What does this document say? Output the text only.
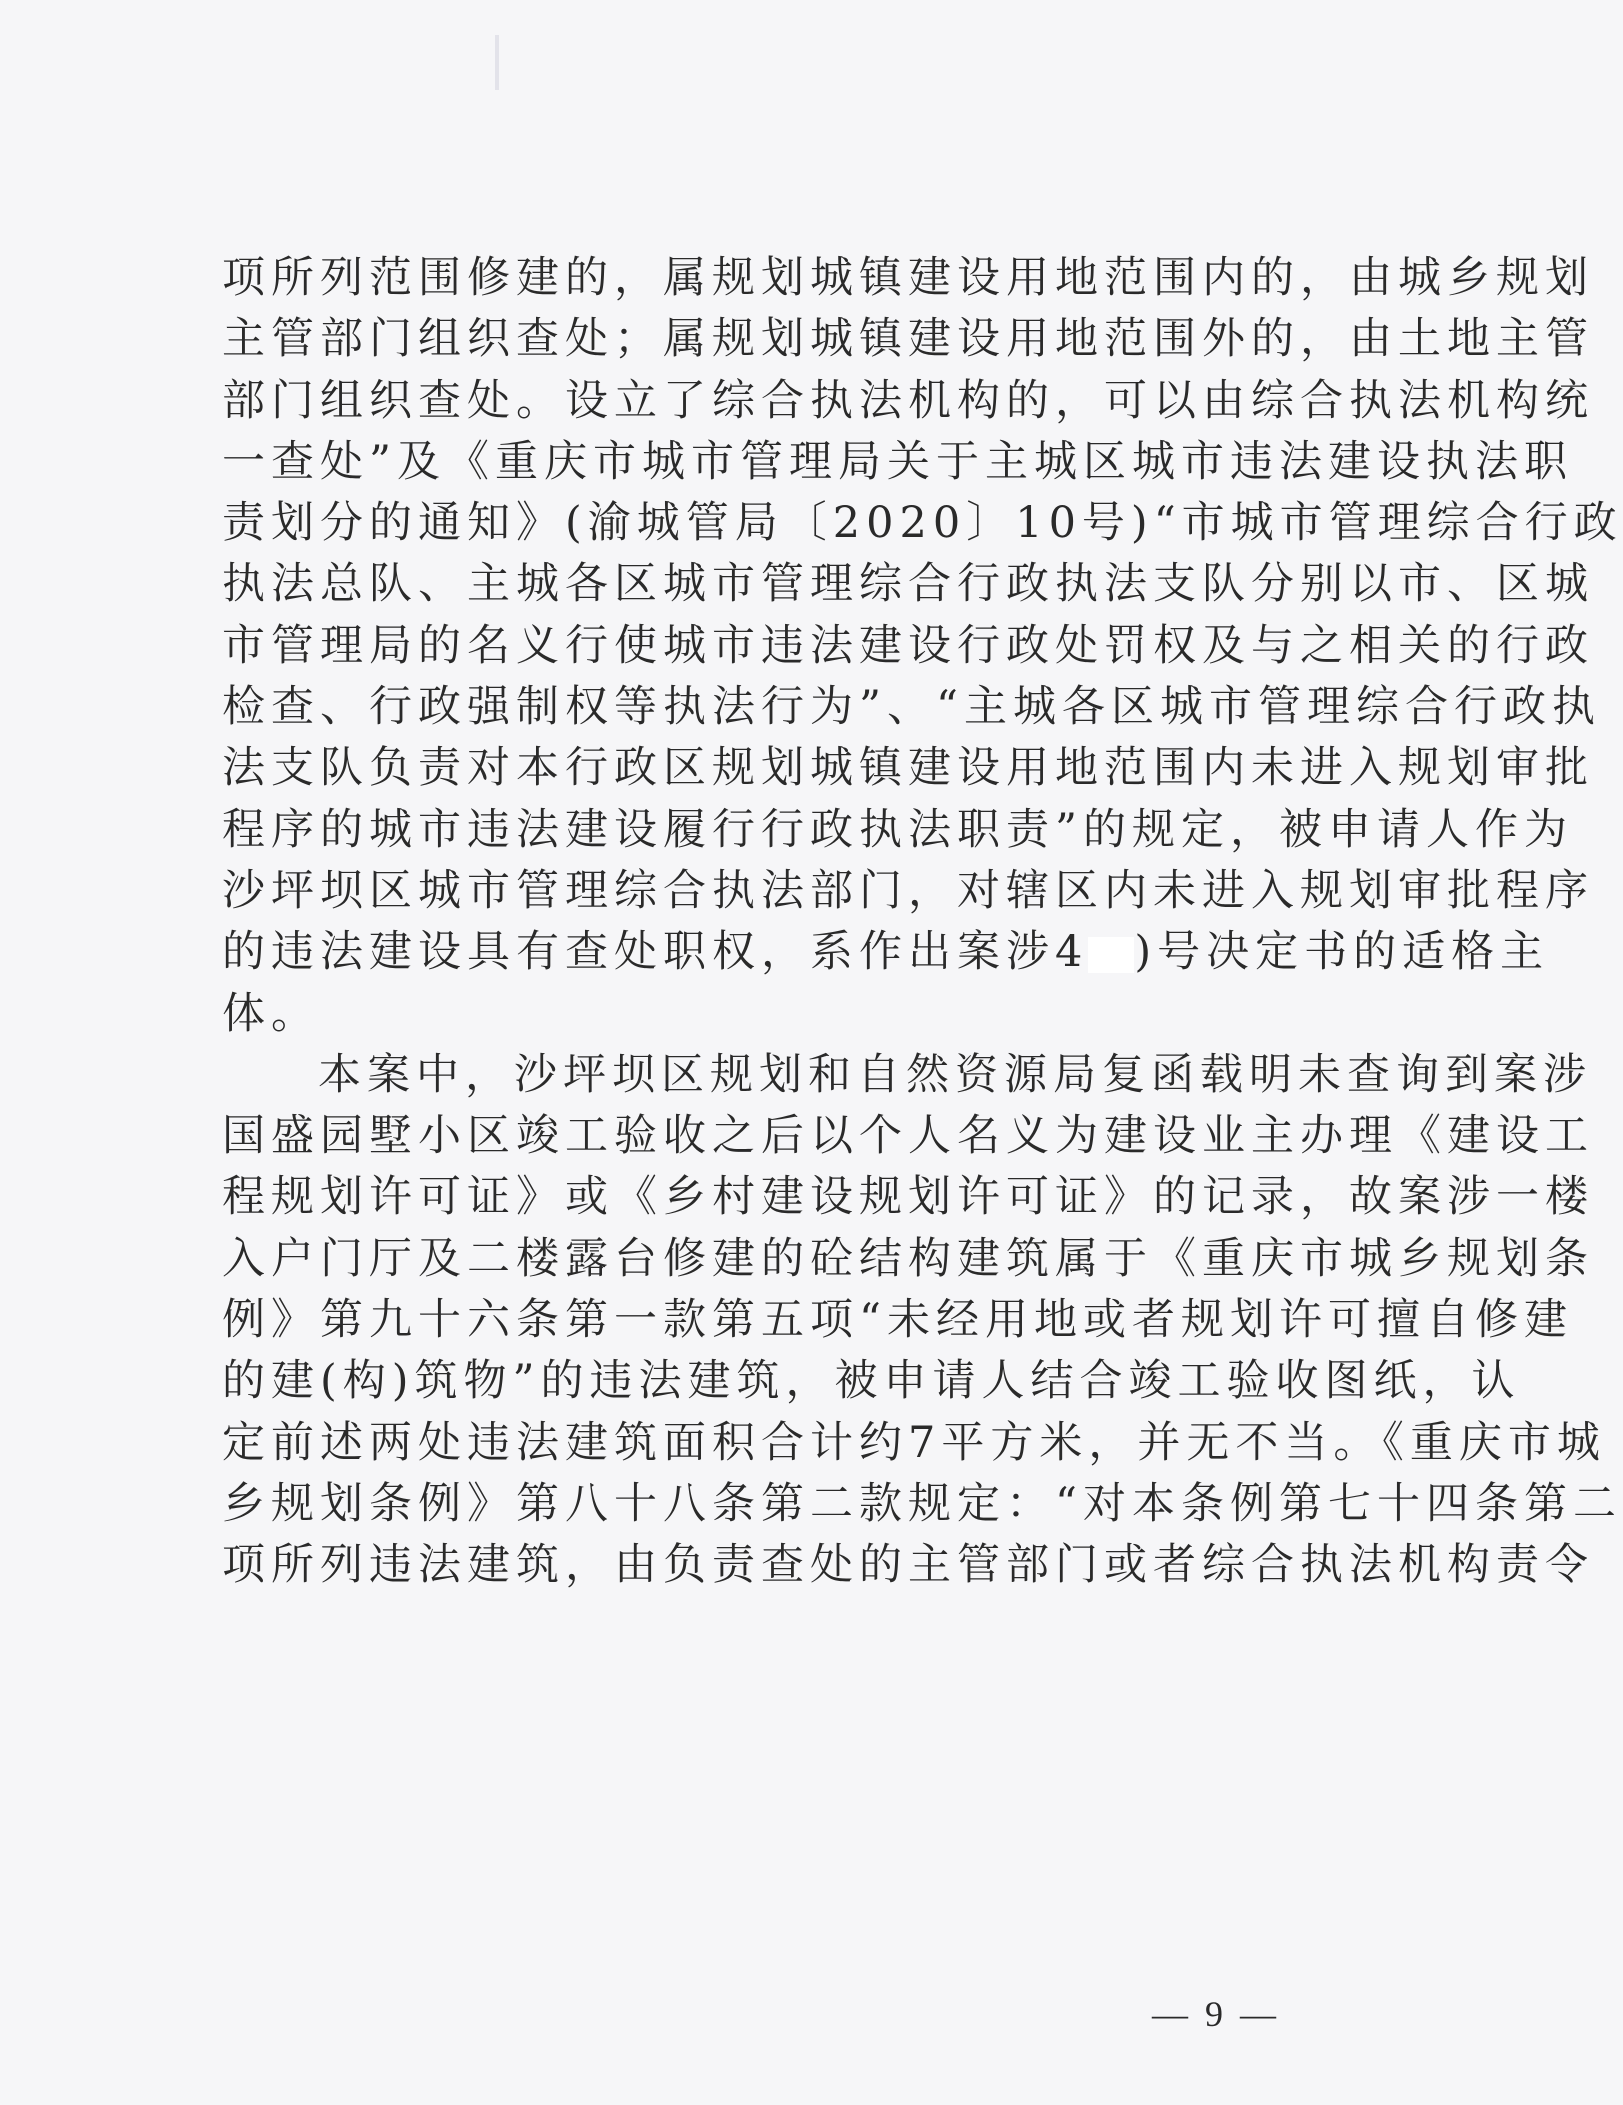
项所列范围修建的，属规划城镇建设用地范围内的，由城乡规划
主管部门组织查处；属规划城镇建设用地范围外的，由土地主管
部门组织查处。设立了综合执法机构的，可以由综合执法机构统
一查处”及《重庆市城市管理局关于主城区城市违法建设执法职
责划分的通知》(渝城管局〔2020〕10号)“市城市管理综合行政
执法总队、主城各区城市管理综合行政执法支队分别以市、区城
市管理局的名义行使城市违法建设行政处罚权及与之相关的行政
检查、行政强制权等执法行为”、“主城各区城市管理综合行政执
法支队负责对本行政区规划城镇建设用地范围内未进入规划审批
程序的城市违法建设履行行政执法职责”的规定，被申请人作为
沙坪坝区城市管理综合执法部门，对辖区内未进入规划审批程序
的违法建设具有查处职权，系作出案涉4 )号决定书的适格主
体。
本案中，沙坪坝区规划和自然资源局复函载明未查询到案涉
国盛园墅小区竣工验收之后以个人名义为建设业主办理《建设工
程规划许可证》或《乡村建设规划许可证》的记录，故案涉一楼
入户门厅及二楼露台修建的砼结构建筑属于《重庆市城乡规划条
例》第九十六条第一款第五项“未经用地或者规划许可擅自修建
的建(构)筑物”的违法建筑，被申请人结合竣工验收图纸，认
定前述两处违法建筑面积合计约7平方米，并无不当。《重庆市城
乡规划条例》第八十八条第二款规定：“对本条例第七十四条第二
项所列违法建筑，由负责查处的主管部门或者综合执法机构责令
— 9 —
